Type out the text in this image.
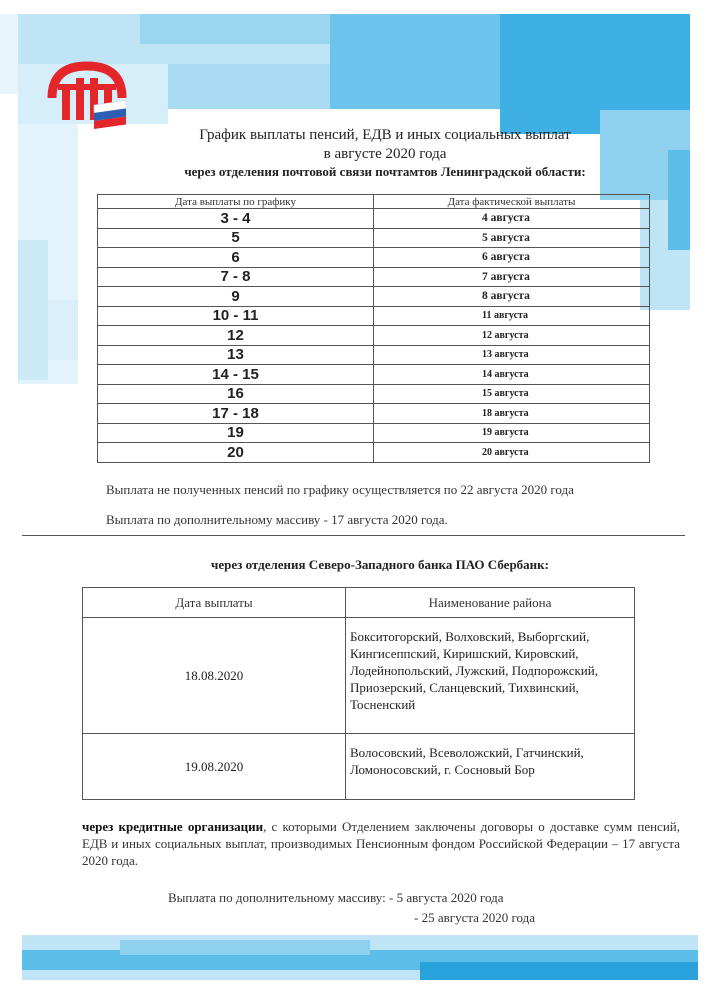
График выплаты пенсий, ЕДВ и иных социальных выплат
в августе 2020 года
через отделения почтовой связи почтамтов Ленинградской области:
Дата выплаты по графику	Дата фактической выплаты
3 - 4	4 августа
5	5 августа
6	6 августа
7 - 8	7 августа
9	8 августа
10 - 11	11 августа
12	12 августа
13	13 августа
14 - 15	14 августа
16	15 августа
17 - 18	18 августа
19	19 августа
20	20 августа
Выплата не полученных пенсий по графику осуществляется по 22 августа 2020 года
Выплата по дополнительному массиву - 17 августа 2020 года.
через отделения Северо-Западного банка ПАО Сбербанк:
Дата выплаты	Наименование района
18.08.2020	Бокситогорский, Волховский, Выборгский,
Кингисеппский, Киришский, Кировский,
Лодейнопольский, Лужский, Подпорожский,
Приозерский, Сланцевский, Тихвинский,
Тосненский

19.08.2020	Волосовский, Всеволожский, Гатчинский,
Ломоносовский, г. Сосновый Бор
через кредитные организации, с которыми Отделением заключены договоры о доставке сумм пенсий, ЕДВ и иных социальных выплат, производимых Пенсионным фондом Российской Федерации – 17 августа 2020 года.
Выплата по дополнительному массиву: - 5 августа 2020 года
- 25 августа 2020 года
